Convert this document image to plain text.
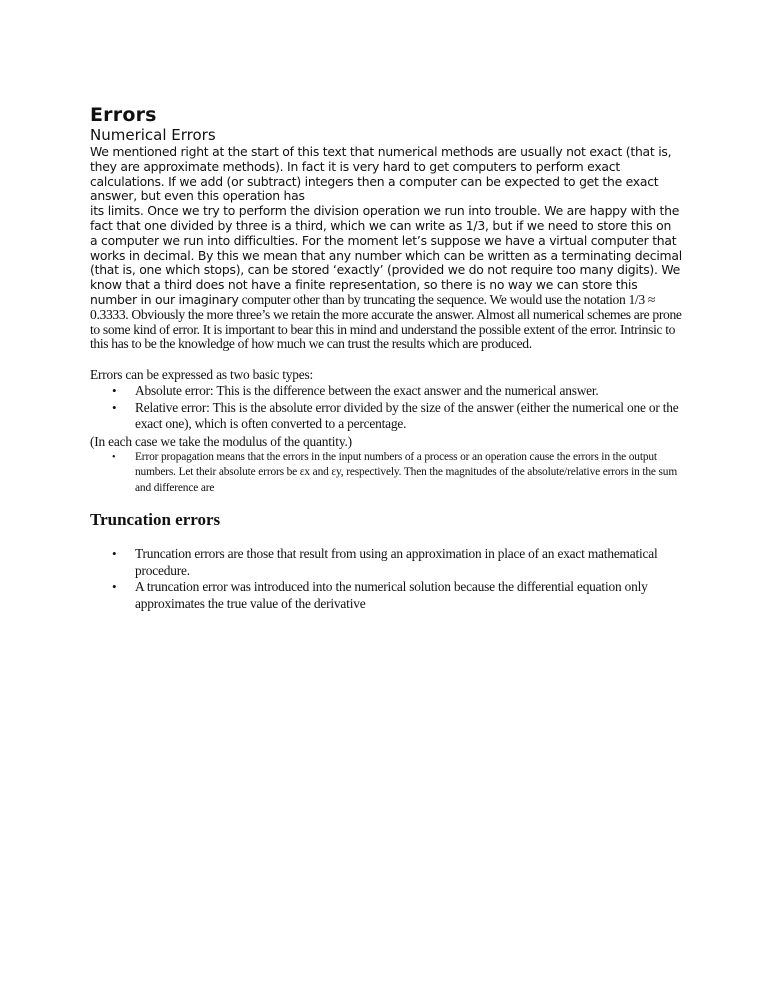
Errors
Numerical Errors

We mentioned right at the start of this text that numerical methods are usually not exact (that is, they are approximate methods). In fact it is very hard to get computers to perform exact calculations. If we add (or subtract) integers then a computer can be expected to get the exact answer, but even this operation has

its limits. Once we try to perform the division operation we run into trouble. We are happy with the fact that one divided by three is a third, which we can write as 1/3, but if we need to store this on a computer we run into difficulties. For the moment let’s suppose we have a virtual computer that works in decimal. By this we mean that any number which can be written as a terminating decimal (that is, one which stops), can be stored ‘exactly’ (provided we do not require too many digits). We know that a third does not have a finite representation, so there is no way we can store this number in our imaginary computer other than by truncating the sequence. We would use the notation 1/3 ≈ 0.3333. Obviously the more three’s we retain the more accurate the answer. Almost all numerical schemes are prone to some kind of error. It is important to bear this in mind and understand the possible extent of the error. Intrinsic to this has to be the knowledge of how much we can trust the results which are produced.

Errors can be expressed as two basic types:

• Absolute error: This is the difference between the exact answer and the numerical answer.
• Relative error: This is the absolute error divided by the size of the answer (either the numerical one or the exact one), which is often converted to a percentage.

(In each case we take the modulus of the quantity.)

• Error propagation means that the errors in the input numbers of a process or an operation cause the errors in the output numbers. Let their absolute errors be εx and εy, respectively. Then the magnitudes of the absolute/relative errors in the sum and difference are
Truncation errors
• Truncation errors are those that result from using an approximation in place of an exact mathematical procedure.
• A truncation error was introduced into the numerical solution because the differential equation only approximates the true value of the derivative
